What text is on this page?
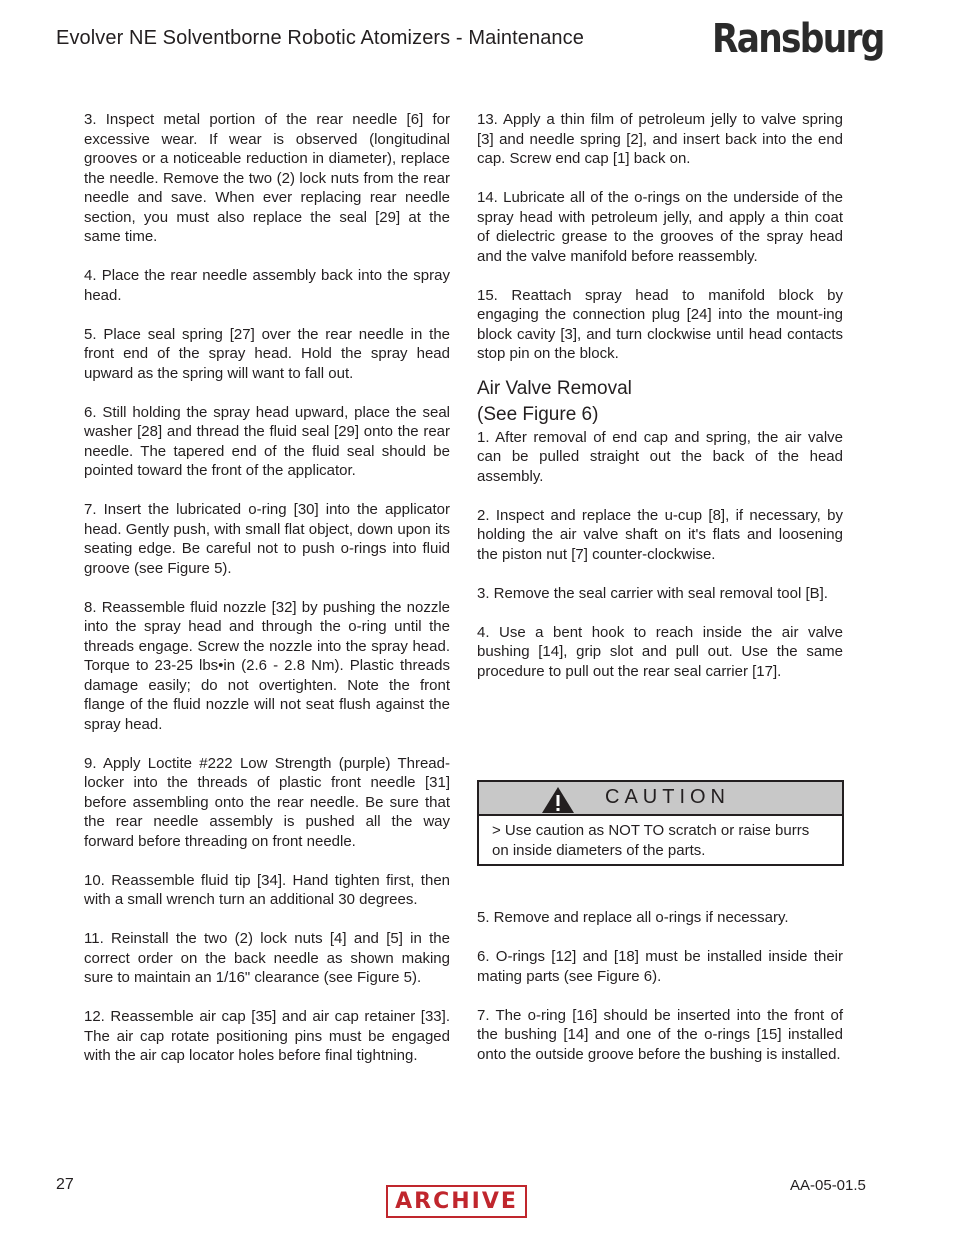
Evolver NE Solventborne Robotic Atomizers - Maintenance	Ransburg

3. Inspect metal portion of the rear needle [6] for excessive wear. If wear is observed (longitudinal grooves or a noticeable reduction in diameter), replace the needle. Remove the two (2) lock nuts from the rear needle and save. When ever replacing rear needle section, you must also replace the seal [29] at the same time.

4. Place the rear needle assembly back into the spray head.

5. Place seal spring [27] over the rear needle in the front end of the spray head. Hold the spray head upward as the spring will want to fall out.

6. Still holding the spray head upward, place the seal washer [28] and thread the fluid seal [29] onto the rear needle. The tapered end of the fluid seal should be pointed toward the front of the applicator.

7. Insert the lubricated o-ring [30] into the applicator head. Gently push, with small flat object, down upon its seating edge. Be careful not to push o-rings into fluid groove (see Figure 5).

8. Reassemble fluid nozzle [32] by pushing the nozzle into the spray head and through the o-ring until the threads engage. Screw the nozzle into the spray head. Torque to 23-25 lbs•in (2.6 - 2.8 Nm). Plastic threads damage easily; do not overtighten. Note the front flange of the fluid nozzle will not seat flush against the spray head.

9. Apply Loctite #222 Low Strength (purple) Thread-locker into the threads of plastic front needle [31] before assembling onto the rear needle. Be sure that the rear needle assembly is pushed all the way forward before threading on front needle.

10. Reassemble fluid tip [34]. Hand tighten first, then with a small wrench turn an additional 30 degrees.

11. Reinstall the two (2) lock nuts [4] and [5] in the correct order on the back needle as shown making sure to maintain an 1/16" clearance (see Figure 5).

12. Reassemble air cap [35] and air cap retainer [33]. The air cap rotate positioning pins must be engaged with the air cap locator holes before final tightning.

13. Apply a thin film of petroleum jelly to valve spring [3] and needle spring [2], and insert back into the end cap. Screw end cap [1] back on.

14. Lubricate all of the o-rings on the underside of the spray head with petroleum jelly, and apply a thin coat of dielectric grease to the grooves of the spray head and the valve manifold before reassembly.

15. Reattach spray head to manifold block by engaging the connection plug [24] into the mount-ing block cavity [3], and turn clockwise until head contacts stop pin on the block.

Air Valve Removal
(See Figure 6)

1. After removal of end cap and spring, the air valve can be pulled straight out the back of the head assembly.

2. Inspect and replace the u-cup [8], if necessary, by holding the air valve shaft on it's flats and loosening the piston nut [7] counter-clockwise.

3. Remove the seal carrier with seal removal tool [B].

4. Use a bent hook to reach inside the air valve bushing [14], grip slot and pull out. Use the same procedure to pull out the rear seal carrier [17].

CAUTION
> Use caution as NOT TO scratch or raise burrs on inside diameters of the parts.

5. Remove and replace all o-rings if necessary.

6. O-rings [12] and [18] must be installed inside their mating parts (see Figure 6).

7. The o-ring [16] should be inserted into the front of the bushing [14] and one of the o-rings [15] installed onto the outside groove before the bushing is installed.

27
ARCHIVE
AA-05-01.5
